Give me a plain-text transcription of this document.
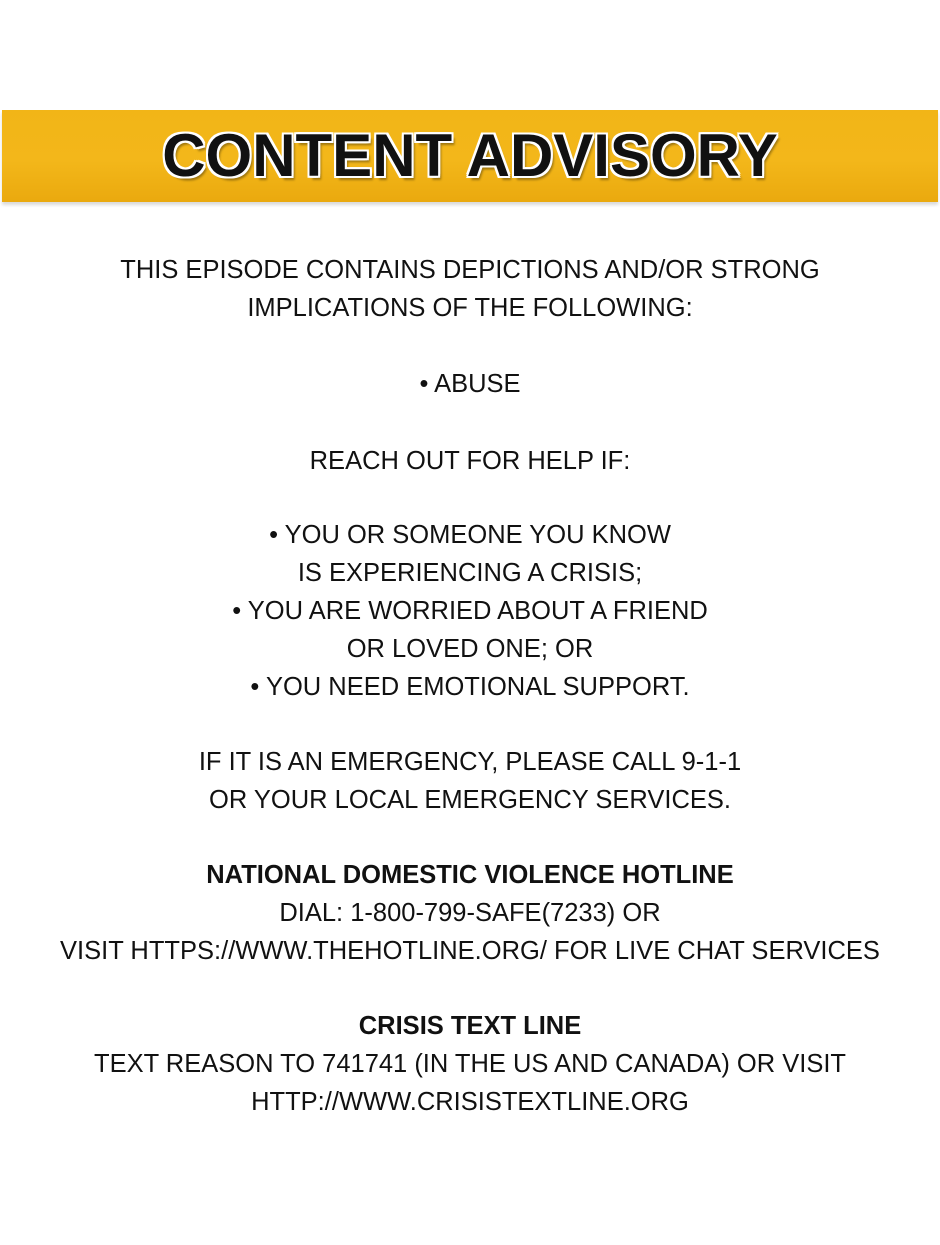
CONTENT ADVISORY
THIS EPISODE CONTAINS DEPICTIONS AND/OR STRONG
IMPLICATIONS OF THE FOLLOWING:
• ABUSE
REACH OUT FOR HELP IF:
• YOU OR SOMEONE YOU KNOW
IS EXPERIENCING A CRISIS;
• YOU ARE WORRIED ABOUT A FRIEND
OR LOVED ONE; OR
• YOU NEED EMOTIONAL SUPPORT.
IF IT IS AN EMERGENCY, PLEASE CALL 9-1-1
OR YOUR LOCAL EMERGENCY SERVICES.
NATIONAL DOMESTIC VIOLENCE HOTLINE
DIAL: 1-800-799-SAFE(7233) OR
VISIT HTTPS://WWW.THEHOTLINE.ORG/ FOR LIVE CHAT SERVICES
CRISIS TEXT LINE
TEXT REASON TO 741741 (IN THE US AND CANADA) OR VISIT
HTTP://WWW.CRISISTEXTLINE.ORG
